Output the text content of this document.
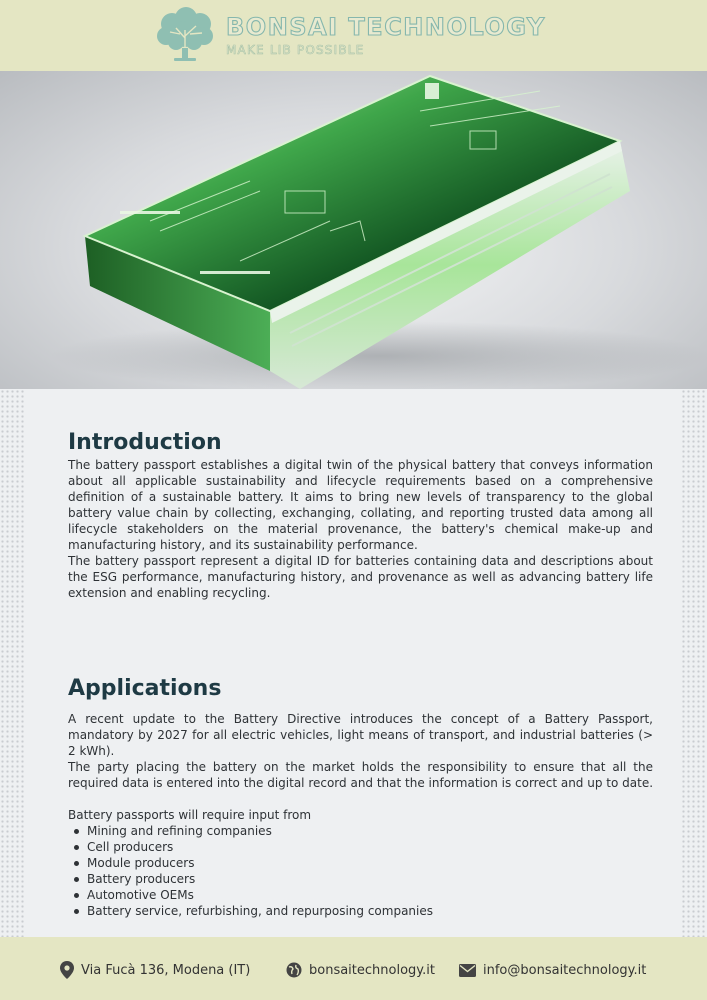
BONSAI TECHNOLOGY
MAKE LIB POSSIBLE
Introduction

The battery passport establishes a digital twin of the physical battery that conveys information about all applicable sustainability and lifecycle requirements based on a comprehensive definition of a sustainable battery. It aims to bring new levels of transparency to the global battery value chain by collecting, exchanging, collating, and reporting trusted data among all lifecycle stakeholders on the material provenance, the battery's chemical make-up and manufacturing history, and its sustainability performance.

The battery passport represent a digital ID for batteries containing data and descriptions about the ESG performance, manufacturing history, and provenance as well as advancing battery life extension and enabling recycling.

Applications

A recent update to the Battery Directive introduces the concept of a Battery Passport, mandatory by 2027 for all electric vehicles, light means of transport, and industrial batteries (> 2 kWh).

The party placing the battery on the market holds the responsibility to ensure that all the required data is entered into the digital record and that the information is correct and up to date.

Battery passports will require input from

Mining and refining companies
Cell producers
Module producers
Battery producers
Automotive OEMs
Battery service, refurbishing, and repurposing companies
Via Fucà 136, Modena (IT)	bonsaitechnology.it	info@bonsaitechnology.it
